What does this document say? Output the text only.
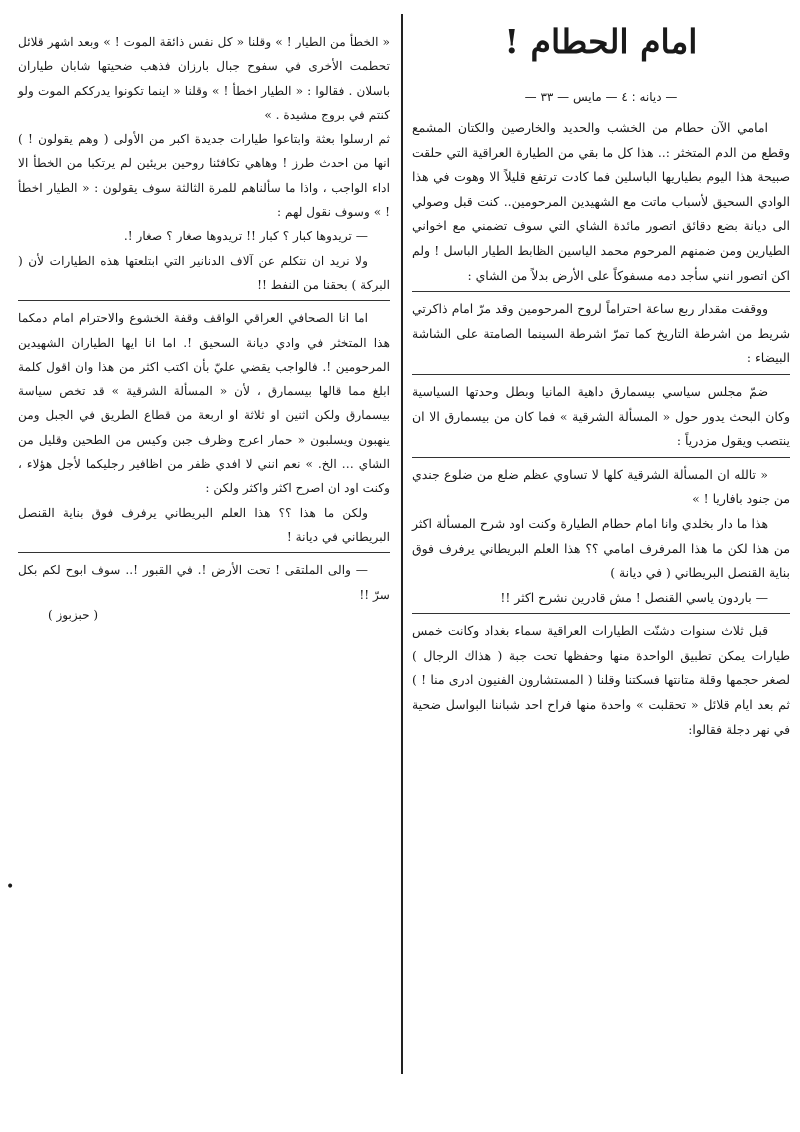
امام الحطام !
— ديانه : ٤ — مايس — ٣٣ —

امامي الآن حطام من الخشب والحديد والخارصين والكتان المشمع وقطع من الدم المتخثر :.. هذا كل ما بقي من الطيارة العراقية التي حلقت صبيحة هذا اليوم بطياريها الباسلين فما كادت ترتفع قليلاً الا وهوت في هذا الوادي السحيق لأسباب ماتت مع الشهيدين المرحومين.. كنت قبل وصولي الى ديانة بضع دقائق اتصور مائدة الشاي التي سوف تضمني مع اخواني الطيارين ومن ضمنهم المرحوم محمد الياسين الظابط الطيار الباسل ! ولم اكن اتصور انني سأجد دمه مسفوكاً على الأرض بدلاً من الشاي :

ووقفت مقدار ربع ساعة احتراماً لروح المرحومين وقد مرّ امام ذاكرتي شريط من اشرطة التاريخ كما تمرّ اشرطة السينما الصامتة على الشاشة البيضاء :

ضمّ مجلس سياسي بيسمارق داهية المانيا وبطل وحدتها السياسية وكان البحث يدور حول « المسألة الشرقية » فما كان من بيسمارق الا ان ينتصب ويقول مزدرياً :

« تالله ان المسألة الشرقية كلها لا تساوي عظم ضلع من ضلوع جندي من جنود بافاريا ! »

هذا ما دار بخلدي وانا امام حطام الطيارة وكنت اود شرح المسألة اكثر من هذا لكن ما هذا المرفرف امامي ؟؟ هذا العلم البريطاني يرفرف فوق بناية القنصل البريطاني ( في ديانة )

— باردون ياسي القنصل ! مش قادرين نشرح اكثر !!

قبل ثلاث سنوات دشنّت الطيارات العراقية سماء بغداد وكانت خمس طيارات يمكن تطبيق الواحدة منها وحفظها تحت جبة ( هذاك الرجال ) لصغر حجمها وقلة متانتها فسكتنا وقلنا ( المستشارون الفنيون ادرى منا ! ) ثم بعد ايام قلائل « تحقلبت » واحدة منها فراح احد شباننا البواسل ضحية في نهر دجلة فقالوا:

« الخطأ من الطيار ! » وقلنا « كل نفس ذائقة الموت ! » وبعد اشهر قلائل تحطمت الأخرى في سفوح جبال بارزان فذهب ضحيتها شابان طياران باسلان . فقالوا : « الطيار اخطأ ! » وقلنا « اينما تكونوا يدرككم الموت ولو كنتم في بروج مشيدة . »

ثم ارسلوا بعثة وابتاعوا طيارات جديدة اكبر من الأولى ( وهم يقولون ! ) انها من احدث طرز ! وهاهي تكافئنا روحين بريئين لم يرتكبا من الخطأ الا اداء الواجب ، واذا ما سألناهم للمرة الثالثة سوف يقولون : « الطيار اخطأ ! » وسوف نقول لهم :

— تريدوها كبار ؟ كبار !! تريدوها صغار ؟ صغار !.

ولا نريد ان نتكلم عن آلاف الدنانير التي ابتلعتها هذه الطيارات لأن ( البركة ) بحقنا من النفط !!

اما انا الصحافي العراقي الواقف وقفة الخشوع والاحترام امام دمكما هذا المتخثر في وادي ديانة السحيق !. اما انا ايها الطياران الشهيدين المرحومين !. فالواجب يقضي عليّ بأن اكتب اكثر من هذا وان اقول كلمة ابلغ مما قالها بيسمارق ، لأن « المسألة الشرقية » قد تخص سياسة بيسمارق ولكن اثنين او ثلاثة او اربعة من قطاع الطريق في الجبل ومن ينهبون ويسلبون « حمار اعرج وظرف جبن وكيس من الطحين وقليل من الشاي … الخ. » نعم انني لا افدي ظفر من اظافير رجليكما لأجل هؤلاء ، وكنت اود ان اصرح اكثر واكثر ولكن :

ولكن ما هذا ؟؟ هذا العلم البريطاني يرفرف فوق بناية القنصل البريطاني في ديانة !

— والى الملتقى ! تحت الأرض !. في القبور !.. سوف ابوح لكم بكل سرّ !!

( حبزبوز )
•
